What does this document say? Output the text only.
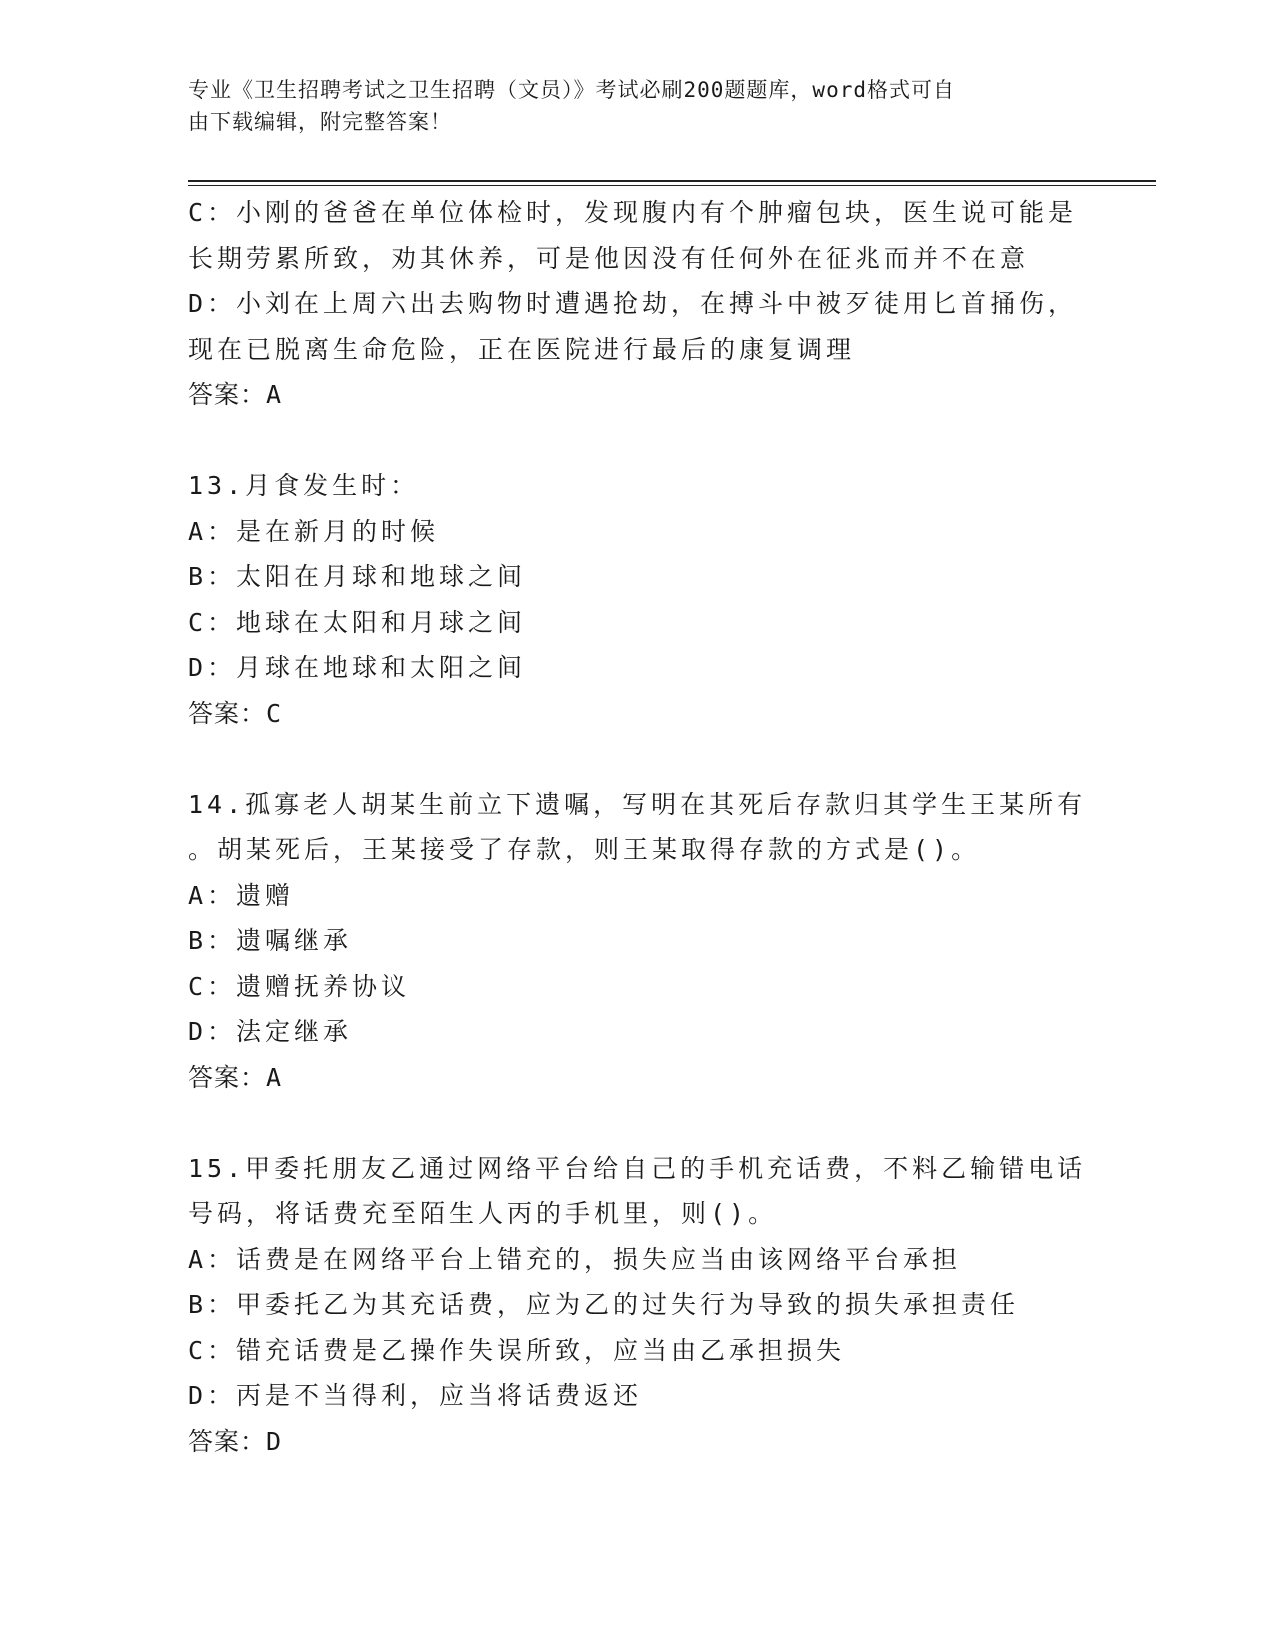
专业《卫生招聘考试之卫生招聘（文员）》考试必刷200题题库，word格式可自
由下载编辑，附完整答案！
C：小刚的爸爸在单位体检时，发现腹内有个肿瘤包块，医生说可能是
长期劳累所致，劝其休养，可是他因没有任何外在征兆而并不在意
D：小刘在上周六出去购物时遭遇抢劫，在搏斗中被歹徒用匕首捅伤，
现在已脱离生命危险，正在医院进行最后的康复调理
答案：A
13.月食发生时：
A：是在新月的时候
B：太阳在月球和地球之间
C：地球在太阳和月球之间
D：月球在地球和太阳之间
答案：C
14.孤寡老人胡某生前立下遗嘱，写明在其死后存款归其学生王某所有
。胡某死后，王某接受了存款，则王某取得存款的方式是()。
A：遗赠
B：遗嘱继承
C：遗赠抚养协议
D：法定继承
答案：A
15.甲委托朋友乙通过网络平台给自己的手机充话费，不料乙输错电话
号码，将话费充至陌生人丙的手机里，则()。
A：话费是在网络平台上错充的，损失应当由该网络平台承担
B：甲委托乙为其充话费，应为乙的过失行为导致的损失承担责任
C：错充话费是乙操作失误所致，应当由乙承担损失
D：丙是不当得利，应当将话费返还
答案：D
